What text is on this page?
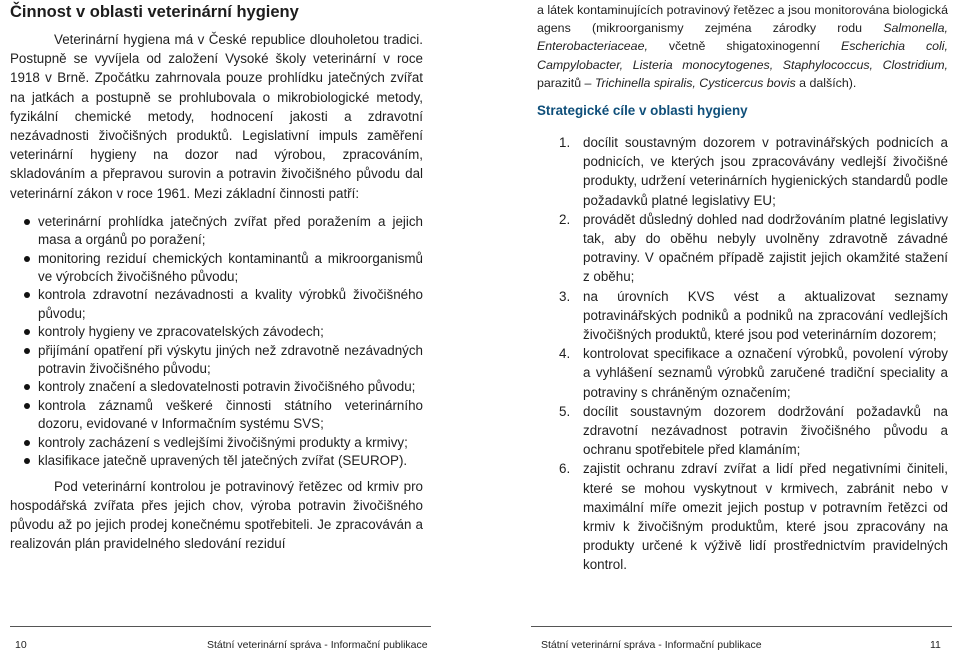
Činnost v oblasti veterinární hygieny

Veterinární hygiena má v České republice dlouholetou tradici. Postupně se vyvíjela od založení Vysoké školy veterinární v roce 1918 v Brně. Zpočátku zahrnovala pouze prohlídku jatečných zvířat na jatkách a postupně se prohlubovala o mikrobiologické metody, fyzikální chemické metody, hodnocení jakosti a zdravotní nezávadnosti živočišných produktů. Legislativní impuls zaměření veterinární hygieny na dozor nad výrobou, zpracováním, skladováním a přepravou surovin a potravin živočišného původu dal veterinární zákon v roce 1961. Mezi základní činnosti patří:

veterinární prohlídka jatečných zvířat před poražením a jejich masa a orgánů po poražení;
monitoring reziduí chemických kontaminantů a mikroorganismů ve výrobcích živočišného původu;
kontrola zdravotní nezávadnosti a kvality výrobků živočišného původu;
kontroly hygieny ve zpracovatelských závodech;
přijímání opatření při výskytu jiných než zdravotně nezávadných potravin živočišného původu;
kontroly značení a sledovatelnosti potravin živočišného původu;
kontrola záznamů veškeré činnosti státního veterinárního dozoru, evidované v Informačním systému SVS;
kontroly zacházení s vedlejšími živočišnými produkty a krmivy;
klasifikace jatečně upravených těl jatečných zvířat (SEUROP).

Pod veterinární kontrolou je potravinový řetězec od krmiv pro hospodářská zvířata přes jejich chov, výroba potravin živočišného původu až po jejich prodej konečnému spotřebiteli. Je zpracováván a realizován plán pravidelného sledování reziduí

a látek kontaminujících potravinový řetězec a jsou monitorována biologická agens (mikroorganismy zejména zárodky rodu Salmonella, Enterobacteriaceae, včetně shigatoxinogenní Escherichia coli, Campylobacter, Listeria monocytogenes, Staphylococcus, Clostridium, parazitů – Trichinella spiralis, Cysticercus bovis a dalších).

Strategické cíle v oblasti hygieny
1. docílit soustavným dozorem v potravinářských podnicích a podnicích, ve kterých jsou zpracovávány vedlejší živočišné produkty, udržení veterinárních hygienických standardů podle požadavků platné legislativy EU;
2. provádět důsledný dohled nad dodržováním platné legislativy tak, aby do oběhu nebyly uvolněny zdravotně závadné potraviny. V opačném případě zajistit jejich okamžité stažení z oběhu;
3. na úrovních KVS vést a aktualizovat seznamy potravinářských podniků a podniků na zpracování vedlejších živočišných produktů, které jsou pod veterinárním dozorem;
4. kontrolovat specifikace a označení výrobků, povolení výroby a vyhlášení seznamů výrobků zaručené tradiční speciality a potraviny s chráněným označením;
5. docílit soustavným dozorem dodržování požadavků na zdravotní nezávadnost potravin živočišného původu a ochranu spotřebitele před klamáním;
6. zajistit ochranu zdraví zvířat a lidí před negativními činiteli, které se mohou vyskytnout v krmivech, zabránit nebo v maximální míře omezit jejich postup v potravním řetězci od krmiv k živočišným produktům, které jsou zpracovány na produkty určené k výživě lidí prostřednictvím pravidelných kontrol.
10	Státní veterinární správa - Informační publikace	Státní veterinární správa - Informační publikace	11
